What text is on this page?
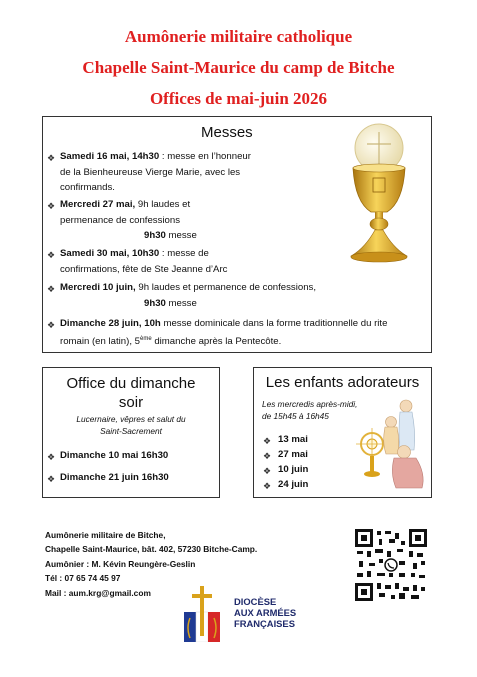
Aumônerie militaire catholique
Chapelle Saint-Maurice du camp de Bitche
Offices de mai-juin 2026
Messes
❖ Samedi 16 mai, 14h30 : messe en l’honneur
de la Bienheureuse Vierge Marie, avec les
confirmands.
❖ Mercredi 27 mai, 9h laudes et
permenance de confessions
9h30 messe
❖ Samedi 30 mai, 10h30 : messe de
confirmations, fête de Ste Jeanne d’Arc
❖ Mercredi 10 juin, 9h laudes et permanence de confessions,
9h30 messe
❖ Dimanche 28 juin, 10h messe dominicale dans la forme traditionnelle du rite
romain (en latin), 5ème dimanche après la Pentecôte.
Office du dimanche
soir
Lucernaire, vêpres et salut du
Saint-Sacrement
❖ Dimanche 10 mai 16h30
❖ Dimanche 21 juin 16h30
Les enfants adorateurs
Les mercredis après-midi,
de 15h45 à 16h45
❖ 13 mai
❖ 27 mai
❖ 10 juin
❖ 24 juin
Aumônerie militaire de Bitche,
Chapelle Saint-Maurice, bât. 402, 57230 Bitche-Camp.
Aumônier : M. Kévin Reungère-Geslin
Tél : 07 65 74 45 97
Mail : aum.krg@gmail.com
DIOCÈSE
AUX ARMÉES
FRANÇAISES
